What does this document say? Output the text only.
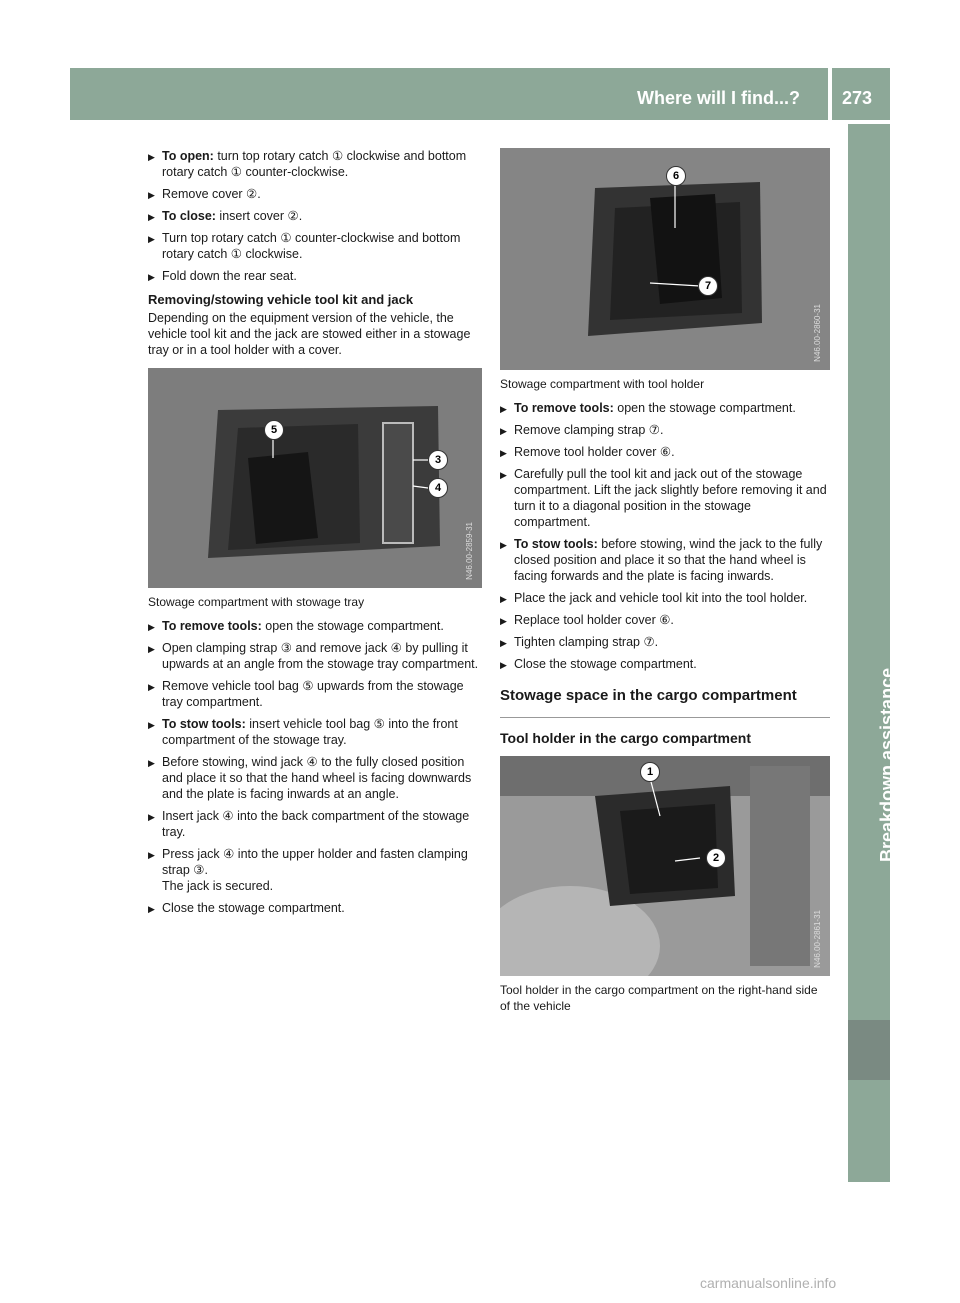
Where will I find...? 273
Breakdown assistance
▶ To open: turn top rotary catch ① clockwise and bottom rotary catch ① counter-clockwise.
▶ Remove cover ②.
▶ To close: insert cover ②.
▶ Turn top rotary catch ① counter-clockwise and bottom rotary catch ① clockwise.
▶ Fold down the rear seat.
Removing/stowing vehicle tool kit and jack
Depending on the equipment version of the vehicle, the vehicle tool kit and the jack are stowed either in a stowage tray or in a tool holder with a cover.
5
3
4
N46.00-2859-31
Stowage compartment with stowage tray
▶ To remove tools: open the stowage compartment.
▶ Open clamping strap ③ and remove jack ④ by pulling it upwards at an angle from the stowage tray compartment.
▶ Remove vehicle tool bag ⑤ upwards from the stowage tray compartment.
▶ To stow tools: insert vehicle tool bag ⑤ into the front compartment of the stowage tray.
▶ Before stowing, wind jack ④ to the fully closed position and place it so that the hand wheel is facing downwards and the plate is facing inwards at an angle.
▶ Insert jack ④ into the back compartment of the stowage tray.
▶ Press jack ④ into the upper holder and fasten clamping strap ③.
The jack is secured.
▶ Close the stowage compartment.
6
7
N46.00-2860-31
Stowage compartment with tool holder
▶ To remove tools: open the stowage compartment.
▶ Remove clamping strap ⑦.
▶ Remove tool holder cover ⑥.
▶ Carefully pull the tool kit and jack out of the stowage compartment. Lift the jack slightly before removing it and turn it to a diagonal position in the stowage compartment.
▶ To stow tools: before stowing, wind the jack to the fully closed position and place it so that the hand wheel is facing forwards and the plate is facing inwards.
▶ Place the jack and vehicle tool kit into the tool holder.
▶ Replace tool holder cover ⑥.
▶ Tighten clamping strap ⑦.
▶ Close the stowage compartment.
Stowage space in the cargo compartment
Tool holder in the cargo compartment
1
2
N46.00-2861-31
Tool holder in the cargo compartment on the right-hand side of the vehicle
carmanualsonline.info
